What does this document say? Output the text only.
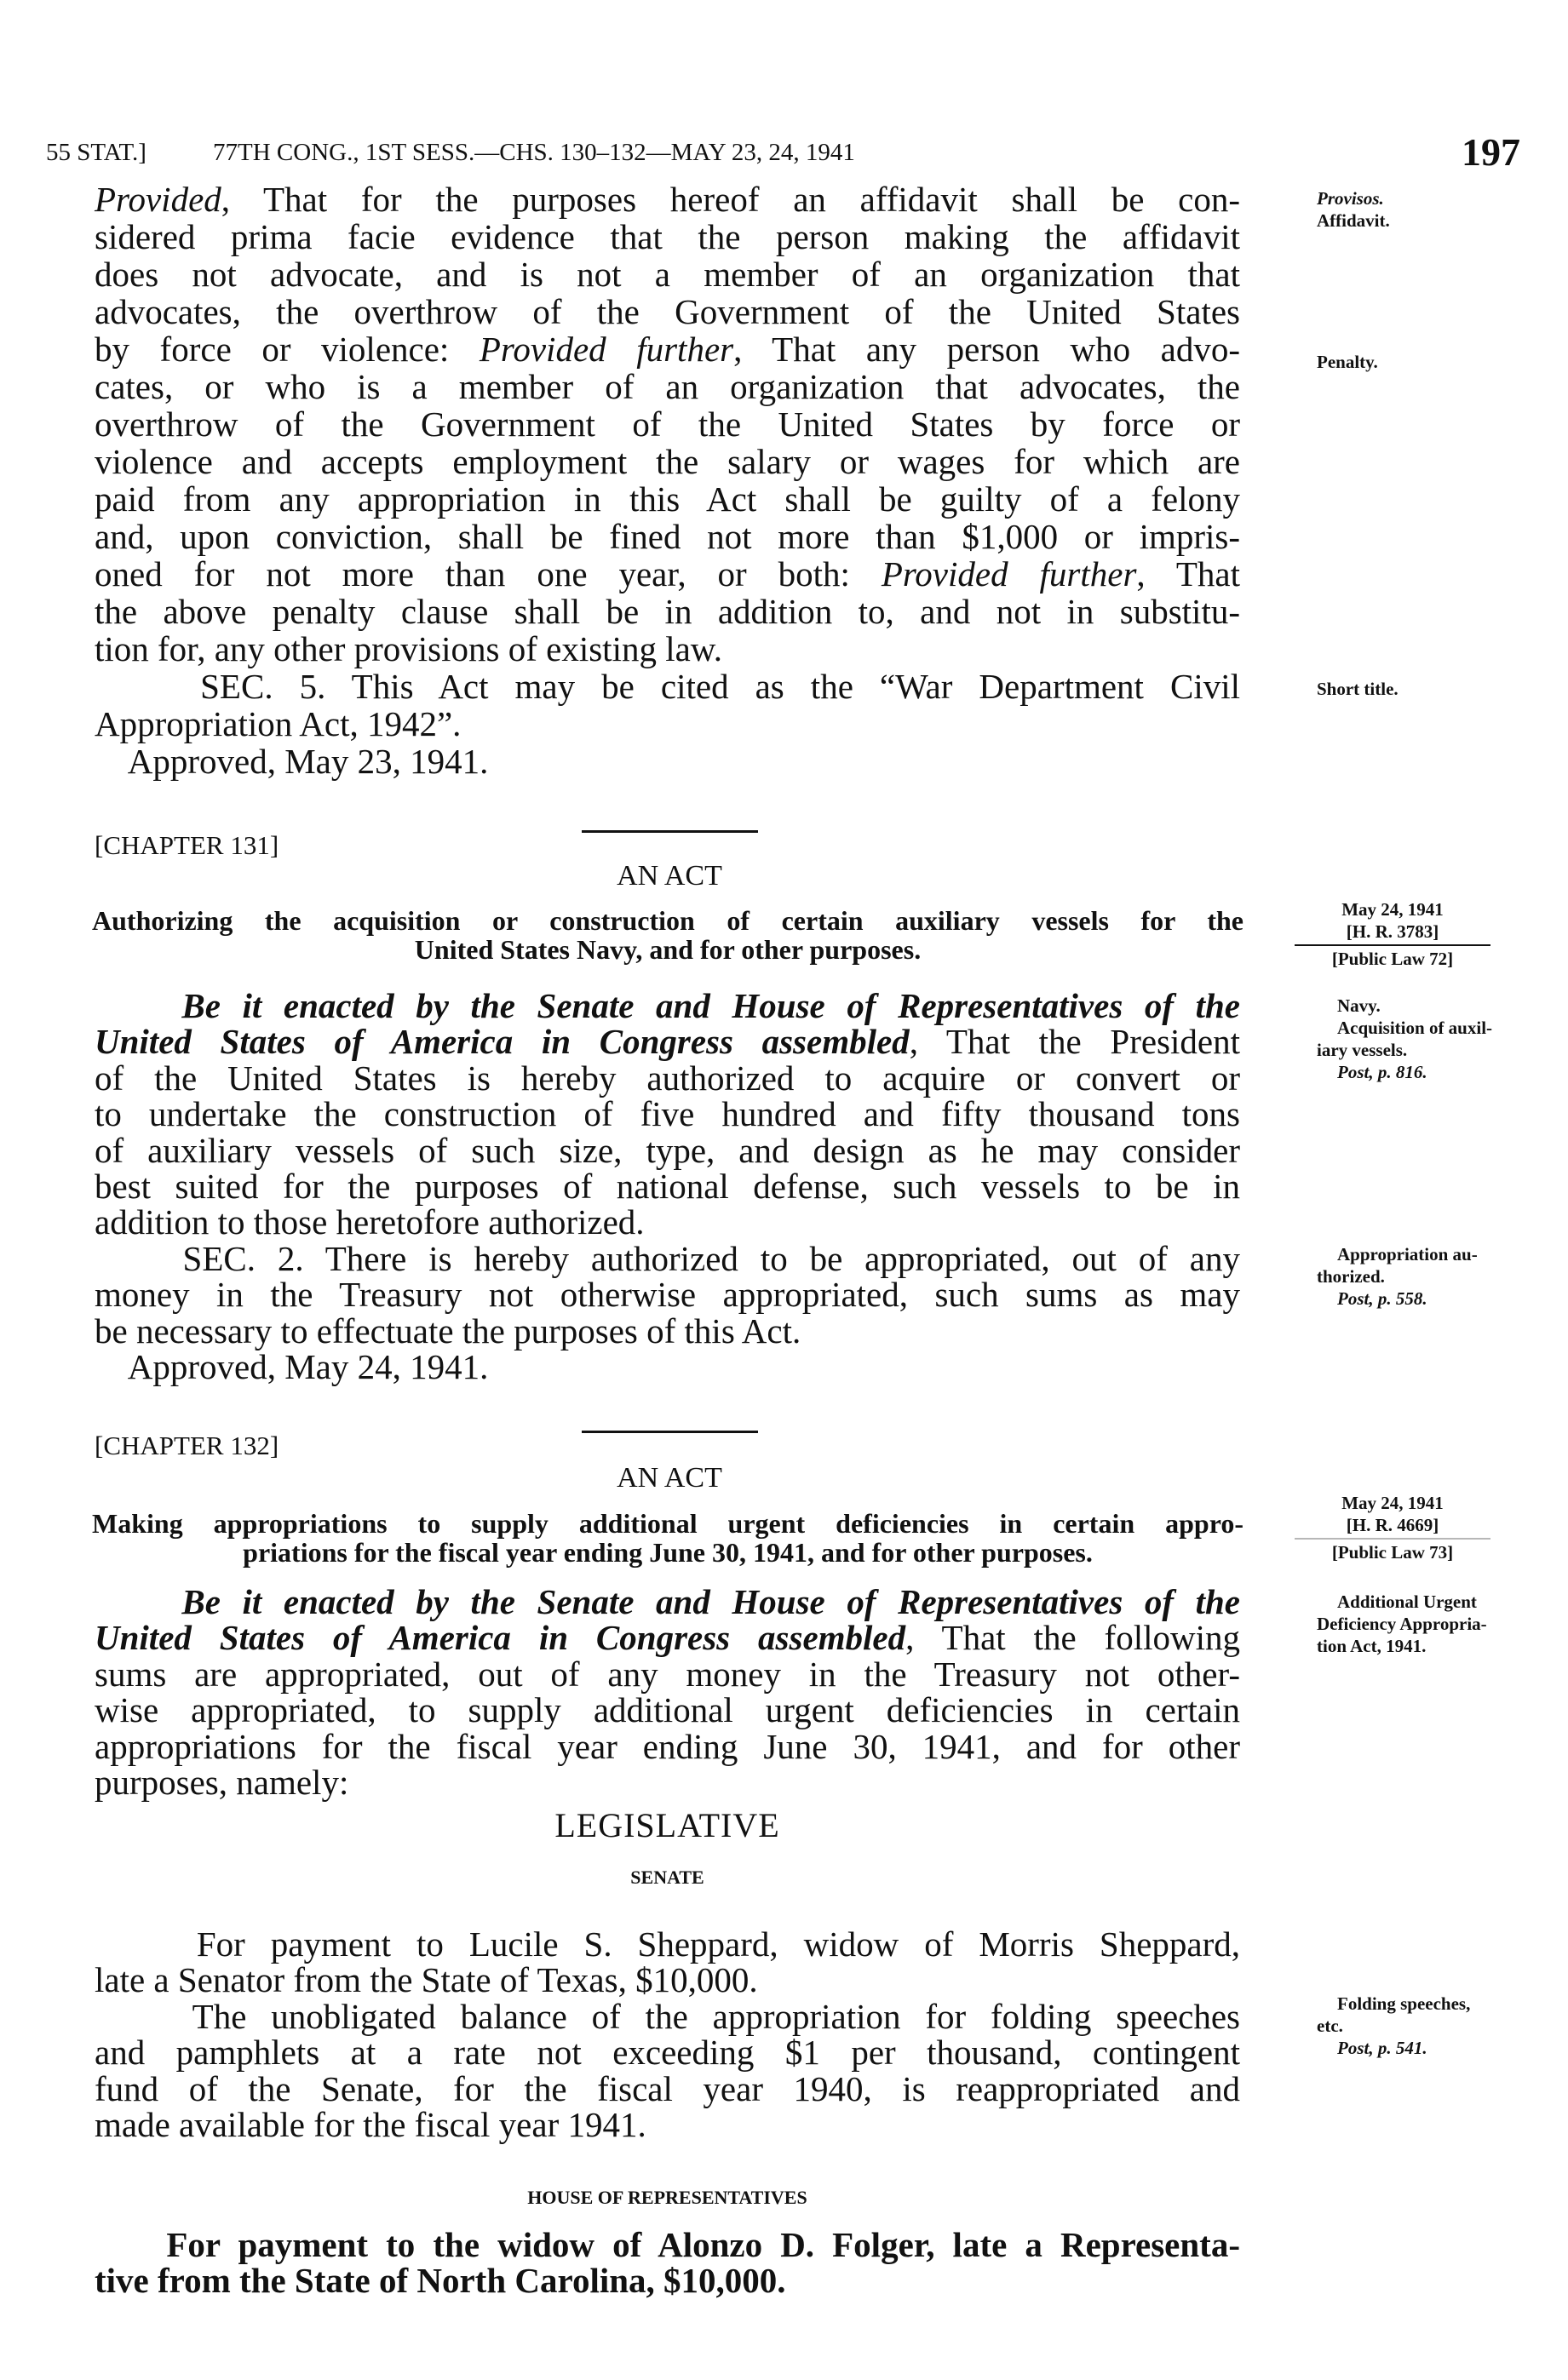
55 STAT.]	77TH CONG., 1ST SESS.—CHS. 130–132—MAY 23, 24, 1941	197
Provided, That for the purposes hereof an affidavit shall be con-
sidered prima facie evidence that the person making the affidavit
does not advocate, and is not a member of an organization that
advocates, the overthrow of the Government of the United States
by force or violence: Provided further, That any person who advo-
cates, or who is a member of an organization that advocates, the
overthrow of the Government of the United States by force or
violence and accepts employment the salary or wages for which are
paid from any appropriation in this Act shall be guilty of a felony
and, upon conviction, shall be fined not more than $1,000 or impris-
oned for not more than one year, or both: Provided further, That
the above penalty clause shall be in addition to, and not in substitu-
tion for, any other provisions of existing law.
SEC. 5. This Act may be cited as the “War Department Civil
Appropriation Act, 1942”.
Approved, May 23, 1941.
[CHAPTER 131]
AN ACT
Authorizing the acquisition or construction of certain auxiliary vessels for the
United States Navy, and for other purposes.
Be it enacted by the Senate and House of Representatives of the
United States of America in Congress assembled, That the President
of the United States is hereby authorized to acquire or convert or
to undertake the construction of five hundred and fifty thousand tons
of auxiliary vessels of such size, type, and design as he may consider
best suited for the purposes of national defense, such vessels to be in
addition to those heretofore authorized.
SEC. 2. There is hereby authorized to be appropriated, out of any
money in the Treasury not otherwise appropriated, such sums as may
be necessary to effectuate the purposes of this Act.
Approved, May 24, 1941.
[CHAPTER 132]
AN ACT
Making appropriations to supply additional urgent deficiencies in certain appro-
priations for the fiscal year ending June 30, 1941, and for other purposes.
Be it enacted by the Senate and House of Representatives of the
United States of America in Congress assembled, That the following
sums are appropriated, out of any money in the Treasury not other-
wise appropriated, to supply additional urgent deficiencies in certain
appropriations for the fiscal year ending June 30, 1941, and for other
purposes, namely:
LEGISLATIVE
SENATE
For payment to Lucile S. Sheppard, widow of Morris Sheppard,
late a Senator from the State of Texas, $10,000.
The unobligated balance of the appropriation for folding speeches
and pamphlets at a rate not exceeding $1 per thousand, contingent
fund of the Senate, for the fiscal year 1940, is reappropriated and
made available for the fiscal year 1941.
HOUSE OF REPRESENTATIVES
For payment to the widow of Alonzo D. Folger, late a Representa-
tive from the State of North Carolina, $10,000.
Provisos.
Affidavit.
Penalty.
Short title.
May 24, 1941
[H. R. 3783]
[Public Law 72]
Navy.
Acquisition of auxil-
iary vessels.
Post, p. 816.
Appropriation au-
thorized.
Post, p. 558.
May 24, 1941
[H. R. 4669]
[Public Law 73]
Additional Urgent
Deficiency Appropria-
tion Act, 1941.
Folding speeches,
etc.
Post, p. 541.
